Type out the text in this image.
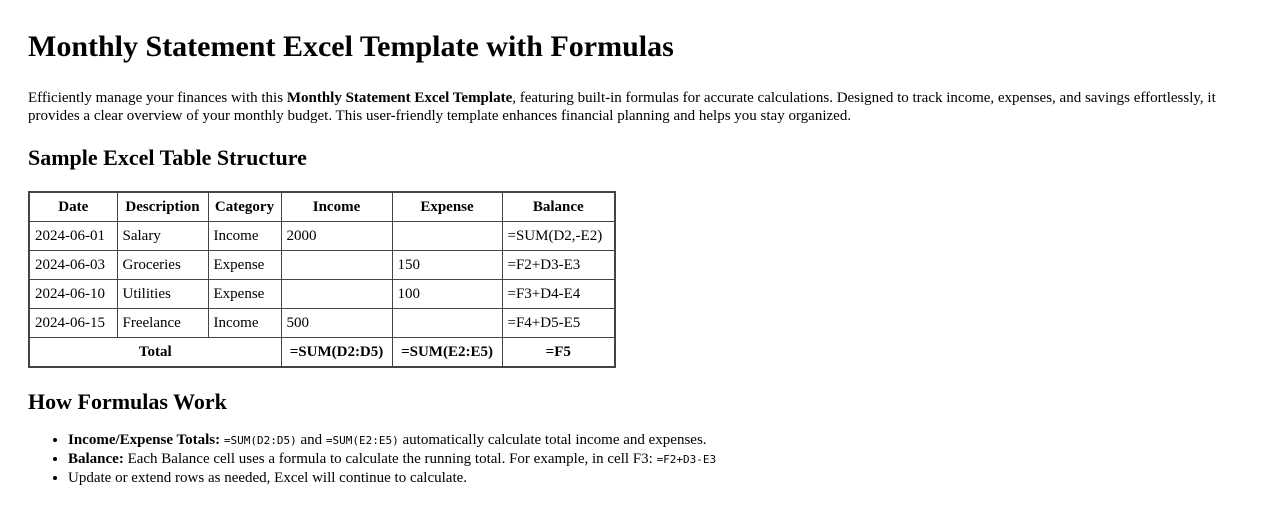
Monthly Statement Excel Template with Formulas

Efficiently manage your finances with this Monthly Statement Excel Template, featuring built-in formulas for accurate calculations. Designed to track income, expenses, and savings effortlessly, it provides a clear overview of your monthly budget. This user-friendly template enhances financial planning and helps you stay organized.

Sample Excel Table Structure
Date	Description	Category	Income	Expense	Balance
2024-06-01	Salary	Income	2000		=SUM(D2,-E2)
2024-06-03	Groceries	Expense		150	=F2+D3-E3
2024-06-10	Utilities	Expense		100	=F3+D4-E4
2024-06-15	Freelance	Income	500		=F4+D5-E5
Total			=SUM(D2:D5)	=SUM(E2:E5)	=F5
How Formulas Work
• Income/Expense Totals: =SUM(D2:D5) and =SUM(E2:E5) automatically calculate total income and expenses.
• Balance: Each Balance cell uses a formula to calculate the running total. For example, in cell F3: =F2+D3-E3
• Update or extend rows as needed, Excel will continue to calculate.
